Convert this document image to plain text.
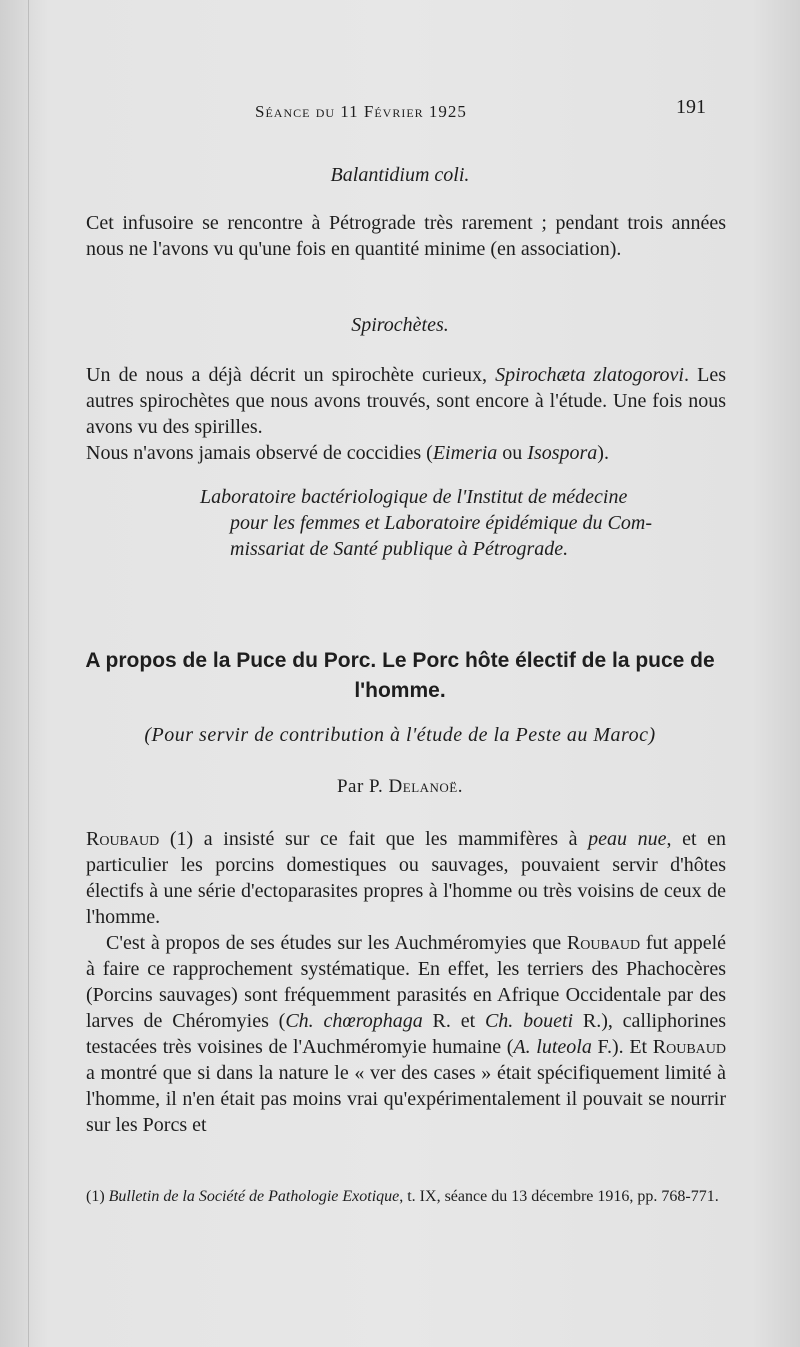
Séance du 11 Février 1925	191
Balantidium coli.

Cet infusoire se rencontre à Pétrograde très rarement ; pendant trois années nous ne l'avons vu qu'une fois en quantité minime (en association).

Spirochètes.

Un de nous a déjà décrit un spirochète curieux, Spirochæta zlatogorovi. Les autres spirochètes que nous avons trouvés, sont encore à l'étude. Une fois nous avons vu des spirilles.

Nous n'avons jamais observé de coccidies (Eimeria ou Isospora).

Laboratoire bactériologique de l'Institut de médecine
pour les femmes et Laboratoire épidémique du Com-
missariat de Santé publique à Pétrograde.
A propos de la Puce du Porc. Le Porc hôte électif de la puce de l'homme.
(Pour servir de contribution à l'étude de la Peste au Maroc)
Par P. Delanoë.

Roubaud (1) a insisté sur ce fait que les mammifères à peau nue, et en particulier les porcins domestiques ou sauvages, pouvaient servir d'hôtes électifs à une série d'ectoparasites propres à l'homme ou très voisins de ceux de l'homme.

C'est à propos de ses études sur les Auchméromyies que Roubaud fut appelé à faire ce rapprochement systématique. En effet, les terriers des Phachocères (Porcins sauvages) sont fréquemment parasités en Afrique Occidentale par des larves de Chéromyies (Ch. chœrophaga R. et Ch. boueti R.), calliphorines testacées très voisines de l'Auchméromyie humaine (A. luteola F.). Et Roubaud a montré que si dans la nature le « ver des cases » était spécifiquement limité à l'homme, il n'en était pas moins vrai qu'expérimentalement il pouvait se nourrir sur les Porcs et

(1) Bulletin de la Société de Pathologie Exotique, t. IX, séance du 13 décembre 1916, pp. 768-771.
